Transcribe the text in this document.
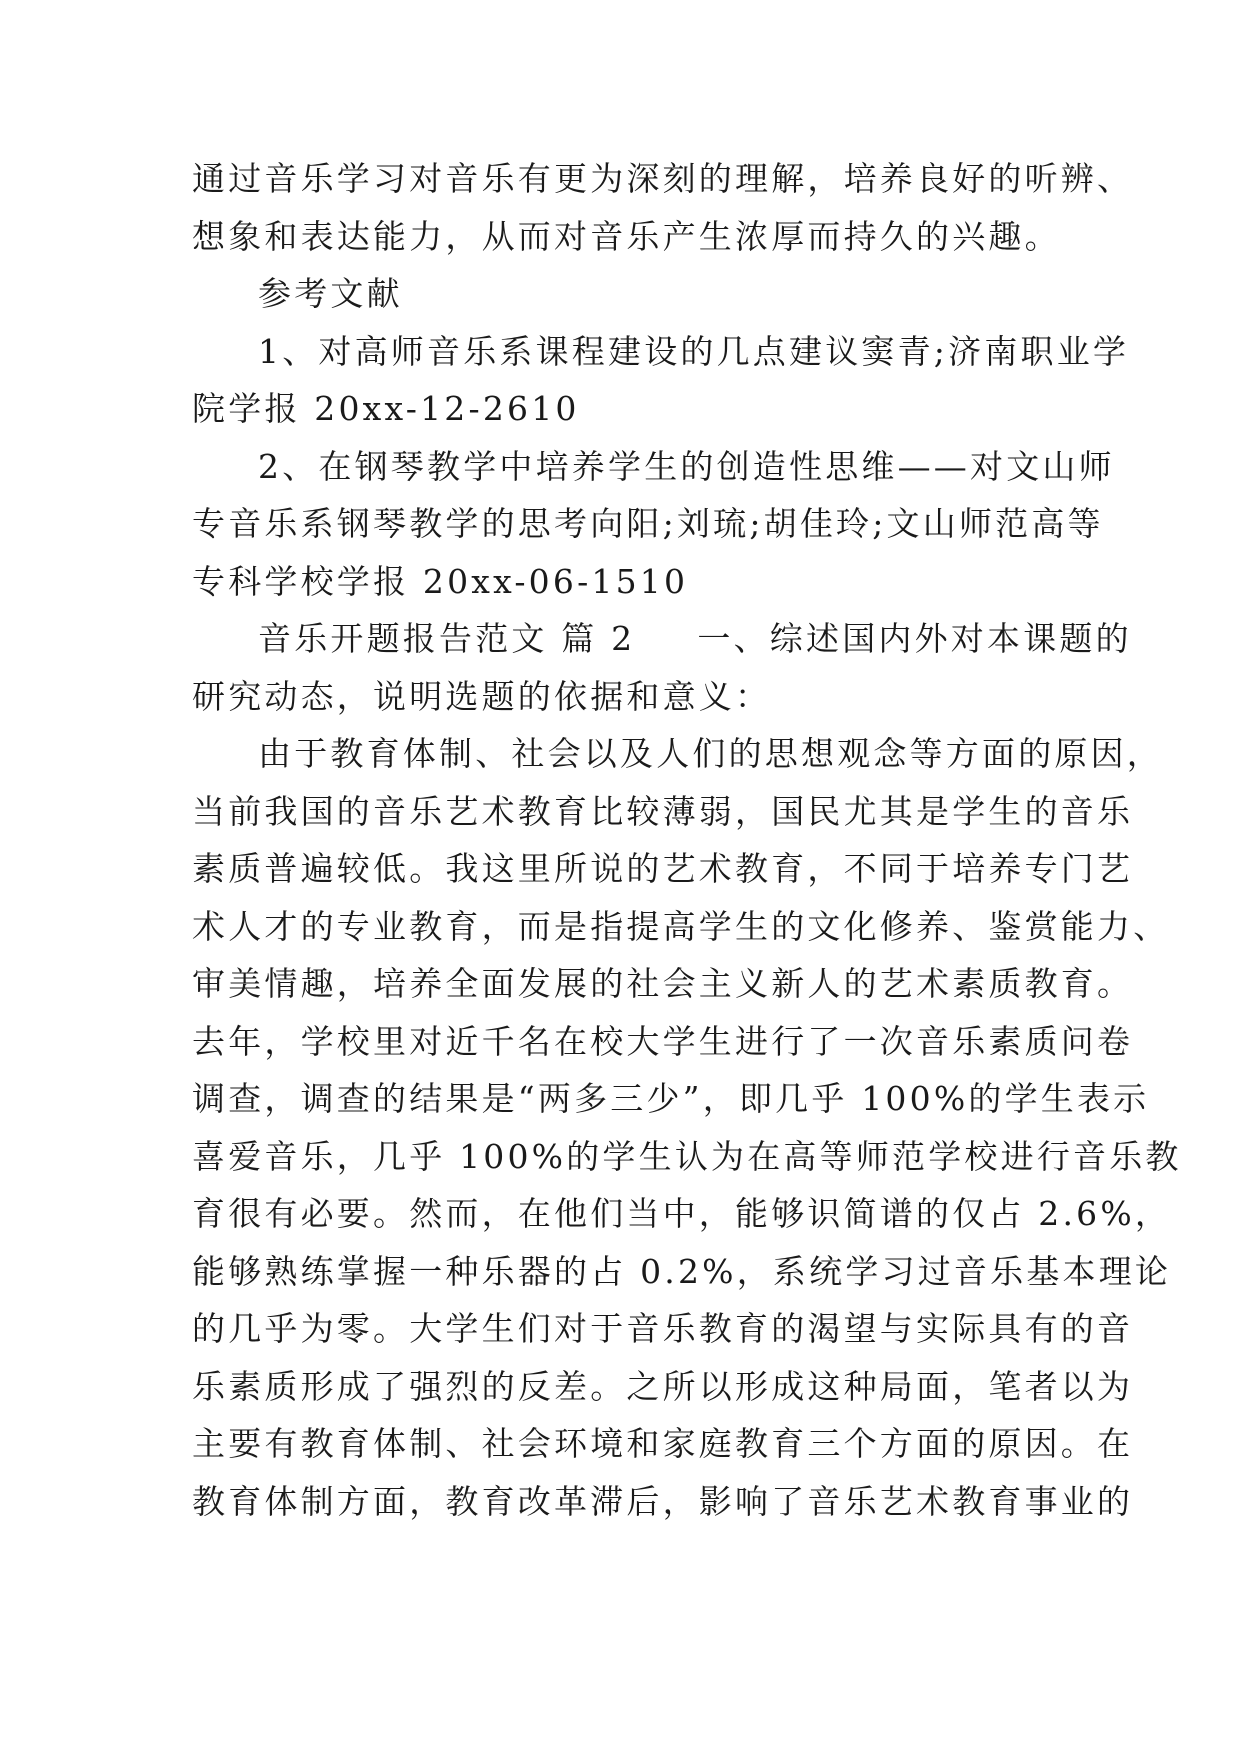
通过音乐学习对音乐有更为深刻的理解，培养良好的听辨、
想象和表达能力，从而对音乐产生浓厚而持久的兴趣。
参考文献
1、对高师音乐系课程建设的几点建议窦青;济南职业学
院学报 20xx-12-2610
2、在钢琴教学中培养学生的创造性思维——对文山师
专音乐系钢琴教学的思考向阳;刘琉;胡佳玲;文山师范高等
专科学校学报 20xx-06-1510
音乐开题报告范文 篇 2 一、综述国内外对本课题的
研究动态，说明选题的依据和意义：
由于教育体制、社会以及人们的思想观念等方面的原因，
当前我国的音乐艺术教育比较薄弱，国民尤其是学生的音乐
素质普遍较低。我这里所说的艺术教育，不同于培养专门艺
术人才的专业教育，而是指提高学生的文化修养、鉴赏能力、
审美情趣，培养全面发展的社会主义新人的艺术素质教育。
去年，学校里对近千名在校大学生进行了一次音乐素质问卷
调查，调查的结果是“两多三少”，即几乎 100%的学生表示
喜爱音乐，几乎 100%的学生认为在高等师范学校进行音乐教
育很有必要。然而，在他们当中，能够识简谱的仅占 2.6%，
能够熟练掌握一种乐器的占 0.2%，系统学习过音乐基本理论
的几乎为零。大学生们对于音乐教育的渴望与实际具有的音
乐素质形成了强烈的反差。之所以形成这种局面，笔者以为
主要有教育体制、社会环境和家庭教育三个方面的原因。在
教育体制方面，教育改革滞后，影响了音乐艺术教育事业的
